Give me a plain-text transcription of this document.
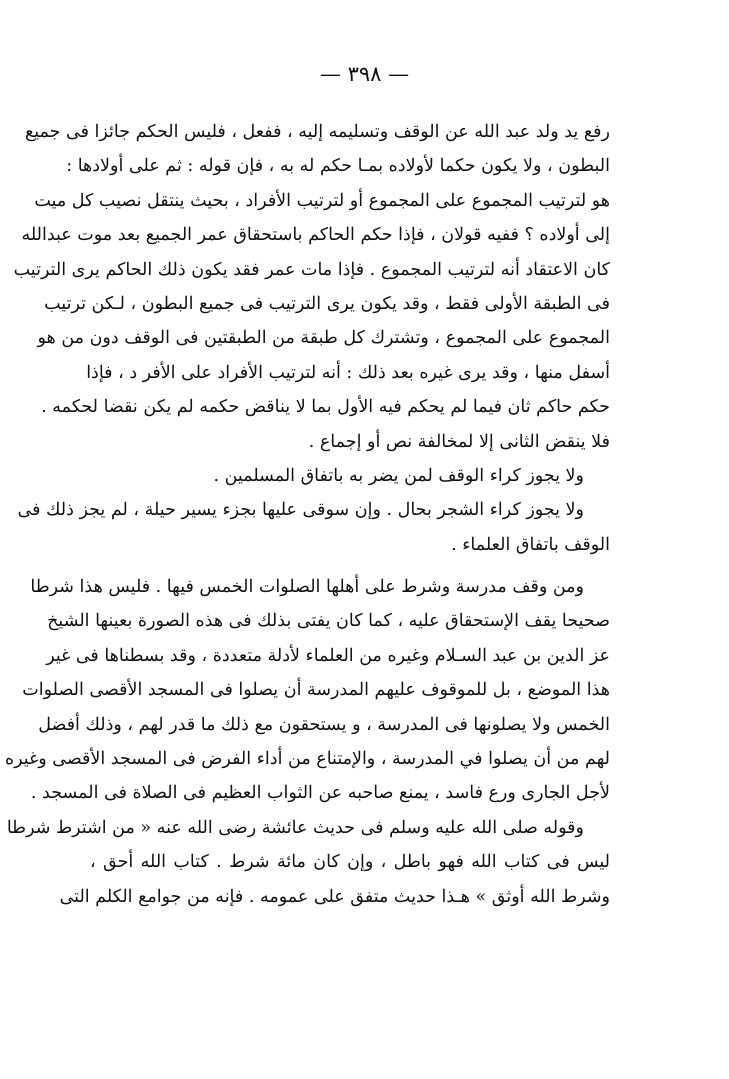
— ٣٩٨ —
رفع يد ولد عبد الله عن الوقف وتسليمه إليه ، ففعل ، فليس الحكم جائزا فى جميع
البطون ، ولا يكون حكما لأولاده بمـا حكم له به ، فإن قوله : ثم على أولادها :
هو لترتيب المجموع على المجموع أو لترتيب الأفراد ، بحيث ينتقل نصيب كل ميت
إلى أولاده ؟ ففيه قولان ، فإذا حكم الحاكم باستحقاق عمر الجميع بعد موت عبدالله
كان الاعتقاد أنه لترتيب المجموع . فإذا مات عمر فقد يكون ذلك الحاكم يرى الترتيب
فى الطبقة الأولى فقط ، وقد يكون يرى الترتيب فى جميع البطون ، لـكن ترتيب
المجموع على المجموع ، وتشترك كل طبقة من الطبقتين فى الوقف دون من هو
أسفل منها ، وقد يرى غيره بعد ذلك : أنه لترتيب الأفراد على الأفر د ، فإذا
حكم حاكم ثان فيما لم يحكم فيه الأول بما لا يناقض حكمه لم يكن نقضا لحكمه .
فلا ينقض الثانى إلا لمخالفة نص أو إجماع .
ولا يجوز كراء الوقف لمن يضر به باتفاق المسلمين .
ولا يجوز كراء الشجر بحال . وإن سوقى عليها بجزء يسير حيلة ، لم يجز ذلك فى
الوقف باتفاق العلماء .
ومن وقف مدرسة وشرط على أهلها الصلوات الخمس فيها . فليس هذا شرطا
صحيحا يقف الإستحقاق عليه ، كما كان يفتى بذلك فى هذه الصورة بعينها الشيخ
عز الدين بن عبد السـلام وغيره من العلماء لأدلة متعددة ، وقد بسطناها فى غير
هذا الموضع ، بل للموقوف عليهم المدرسة أن يصلوا فى المسجد الأقصى الصلوات
الخمس ولا يصلونها فى المدرسة ، و يستحقون مع ذلك ما قدر لهم ، وذلك أفضل
لهم من أن يصلوا في المدرسة ، والإمتناع من أداء الفرض فى المسجد الأقصى وغيره
لأجل الجارى ورع فاسد ، يمنع صاحبه عن الثواب العظيم فى الصلاة فى المسجد .
وقوله صلى الله عليه وسلم فى حديث عائشة رضى الله عنه « من اشترط شرطا
ليس فى كتاب الله فهو باطل ، وإن كان مائة شرط . كتاب الله أحق ،
وشرط الله أوثق » هـذا حديث متفق على عمومه . فإنه من جوامع الكلم التى
